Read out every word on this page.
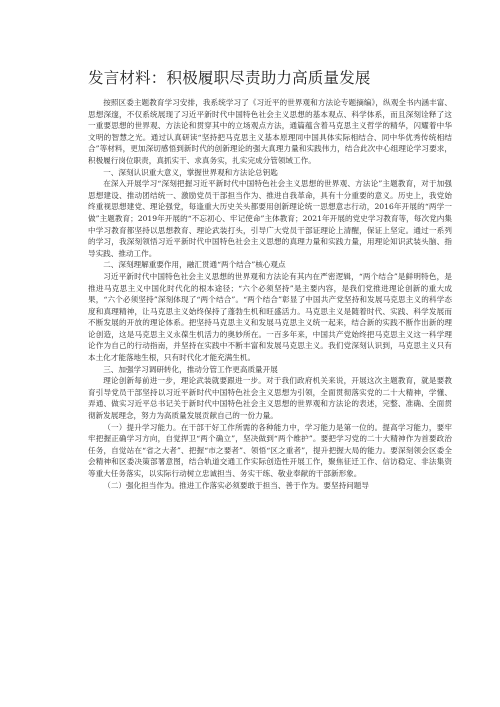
发言材料：积极履职尽责助力高质量发展

按照区委主题教育学习安排，我系统学习了《习近平的世界观和方法论专题摘编》，纵观全书内涵丰富、思想深邃，不仅系统展现了习近平新时代中国特色社会主义思想的基本观点、科学体系，而且深刻诠释了这一重要思想的世界观、方法论和贯穿其中的立场观点方法，通篇蕴含着马克思主义哲学的精华，闪耀着中华文明的智慧之光。通过认真研读“坚持把马克思主义基本原理同中国具体实际相结合、同中华优秀传统相结合”等材料，更加深切感悟到新时代的创新理论的强大真理力量和实践伟力，结合此次中心组理论学习要求，积极履行岗位职责，真抓实干、求真务实，扎实完成分管领域工作。

一、深刻认识重大意义，掌握世界观和方法论总钥匙

在深入开展学习“深刻把握习近平新时代中国特色社会主义思想的世界观、方法论”主题教育，对于加强思想建设、推动团结统一、激励党员干部担当作为、推进自我革命，具有十分重要的意义。历史上，我党始终重视思想建党、理论强党，每逢重大历史关头都要用创新理论统一思想意志行动，2016年开展的“两学一做”主题教育；2019年开展的“不忘初心、牢记使命”主体教育；2021年开展的党史学习教育等，每次党内集中学习教育都坚持以思想教育、理论武装打头，引导广大党员干部证理论上清醒，保证上坚定。通过一系列的学习，我深刻领悟习近平新时代中国特色社会主义思想的真理力量和实践力量，用理论知识武装头脑、指导实践、推动工作。

二、深刻理解重要作用，融汇贯通“两个结合”核心观点

习近平新时代中国特色社会主义思想的世界观和方法论有其内在严密逻辑，“两个结合”是鲜明特色，是推进马克思主义中国化时代化的根本途径；“六个必须坚持”是主要内容，是我们党推进理论创新的重大成果，“六个必须坚持”深刻体现了“两个结合”。“两个结合”彰显了中国共产党坚持和发展马克思主义的科学态度和真理精神，让马克思主义始终保持了蓬勃生机和旺盛活力。马克思主义是随着时代、实践、科学发展而不断发展的开放的理论体系。把坚持马克思主义和发展马克思主义统一起来，结合新的实践不断作出新的理论创造，这是马克思主义永葆生机活力的奥妙所在。一百多年来，中国共产党始终把马克思主义这一科学理论作为自己的行动指南，并坚持在实践中不断丰富和发展马克思主义。我们党深刻认识到，马克思主义只有本土化才能落地生根，只有时代化才能充满生机。

三、加强学习调研转化，推动分管工作更高质量开展

理论创新每前进一步，理论武装就要跟进一步。对于我们政府机关来说，开展这次主题教育，就是要教育引导党员干部坚持以习近平新时代中国特色社会主义思想为引领，全面贯彻落实党的二十大精神，学懂、弄通、做实习近平总书记关于新时代中国特色社会主义思想的世界观和方法论的表述，完整、准确、全面贯彻新发展理念，努力为高质量发展贡献自己的一份力量。

（一）提升学习能力。在干部干好工作所需的各种能力中，学习能力是第一位的。提高学习能力，要牢牢把握正确学习方向，自觉捍卫“两个确立”，坚决做到“两个维护”。要把学习党的二十大精神作为首要政治任务，自觉站在“省之大者”、把握“市之要者”、领悟“区之重者”，提升把握大局的能力。要深刻领会区委全会精神和区委决策部署意图，结合轨道交通工作实际创造性开展工作，聚焦征迁工作、信访稳定、非法集资等重大任务落实，以实际行动树立忠诚担当、务实干练、敬业奉献的干部新形象。

（二）强化担当作为。推进工作落实必须要敢于担当、善于作为。要坚持问题导
